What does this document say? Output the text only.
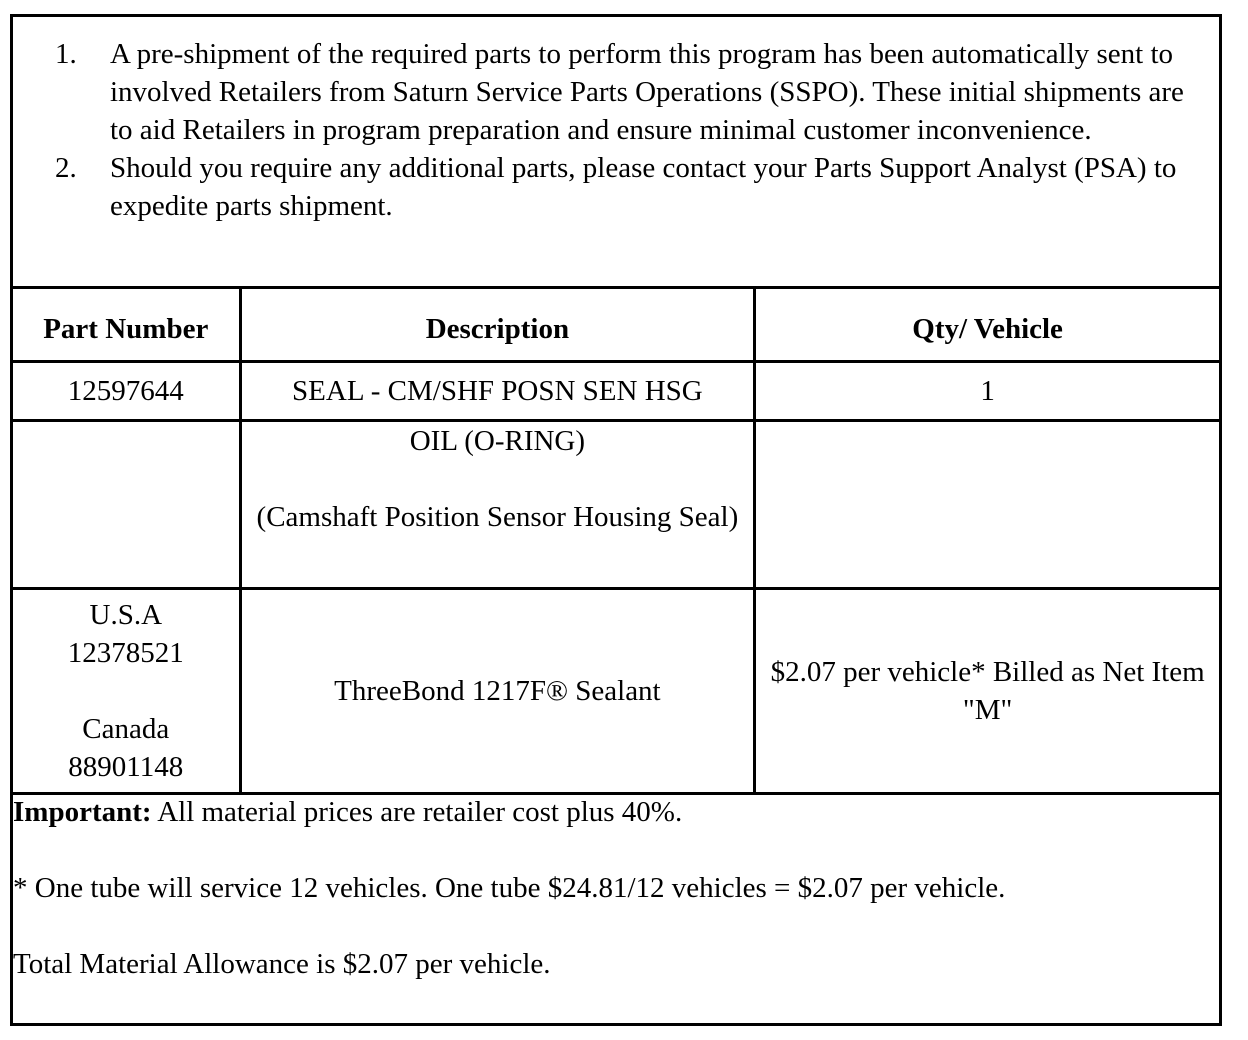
1. A pre-shipment of the required parts to perform this program has been automatically sent to involved Retailers from Saturn Service Parts Operations (SSPO). These initial shipments are to aid Retailers in program preparation and ensure minimal customer inconvenience.
2. Should you require any additional parts, please contact your Parts Support Analyst (PSA) to expedite parts shipment.
Part Number	Description	Qty/ Vehicle
12597644	SEAL - CM/SHF POSN SEN HSG	1

	OIL (O-RING)
(Camshaft Position Sensor Housing Seal)	

U.S.A
12378521
Canada
88901148	ThreeBond 1217F® Sealant	$2.07 per vehicle* Billed as Net Item "M"

Important: All material prices are retailer cost plus 40%.

* One tube will service 12 vehicles. One tube $24.81/12 vehicles = $2.07 per vehicle.

Total Material Allowance is $2.07 per vehicle.
